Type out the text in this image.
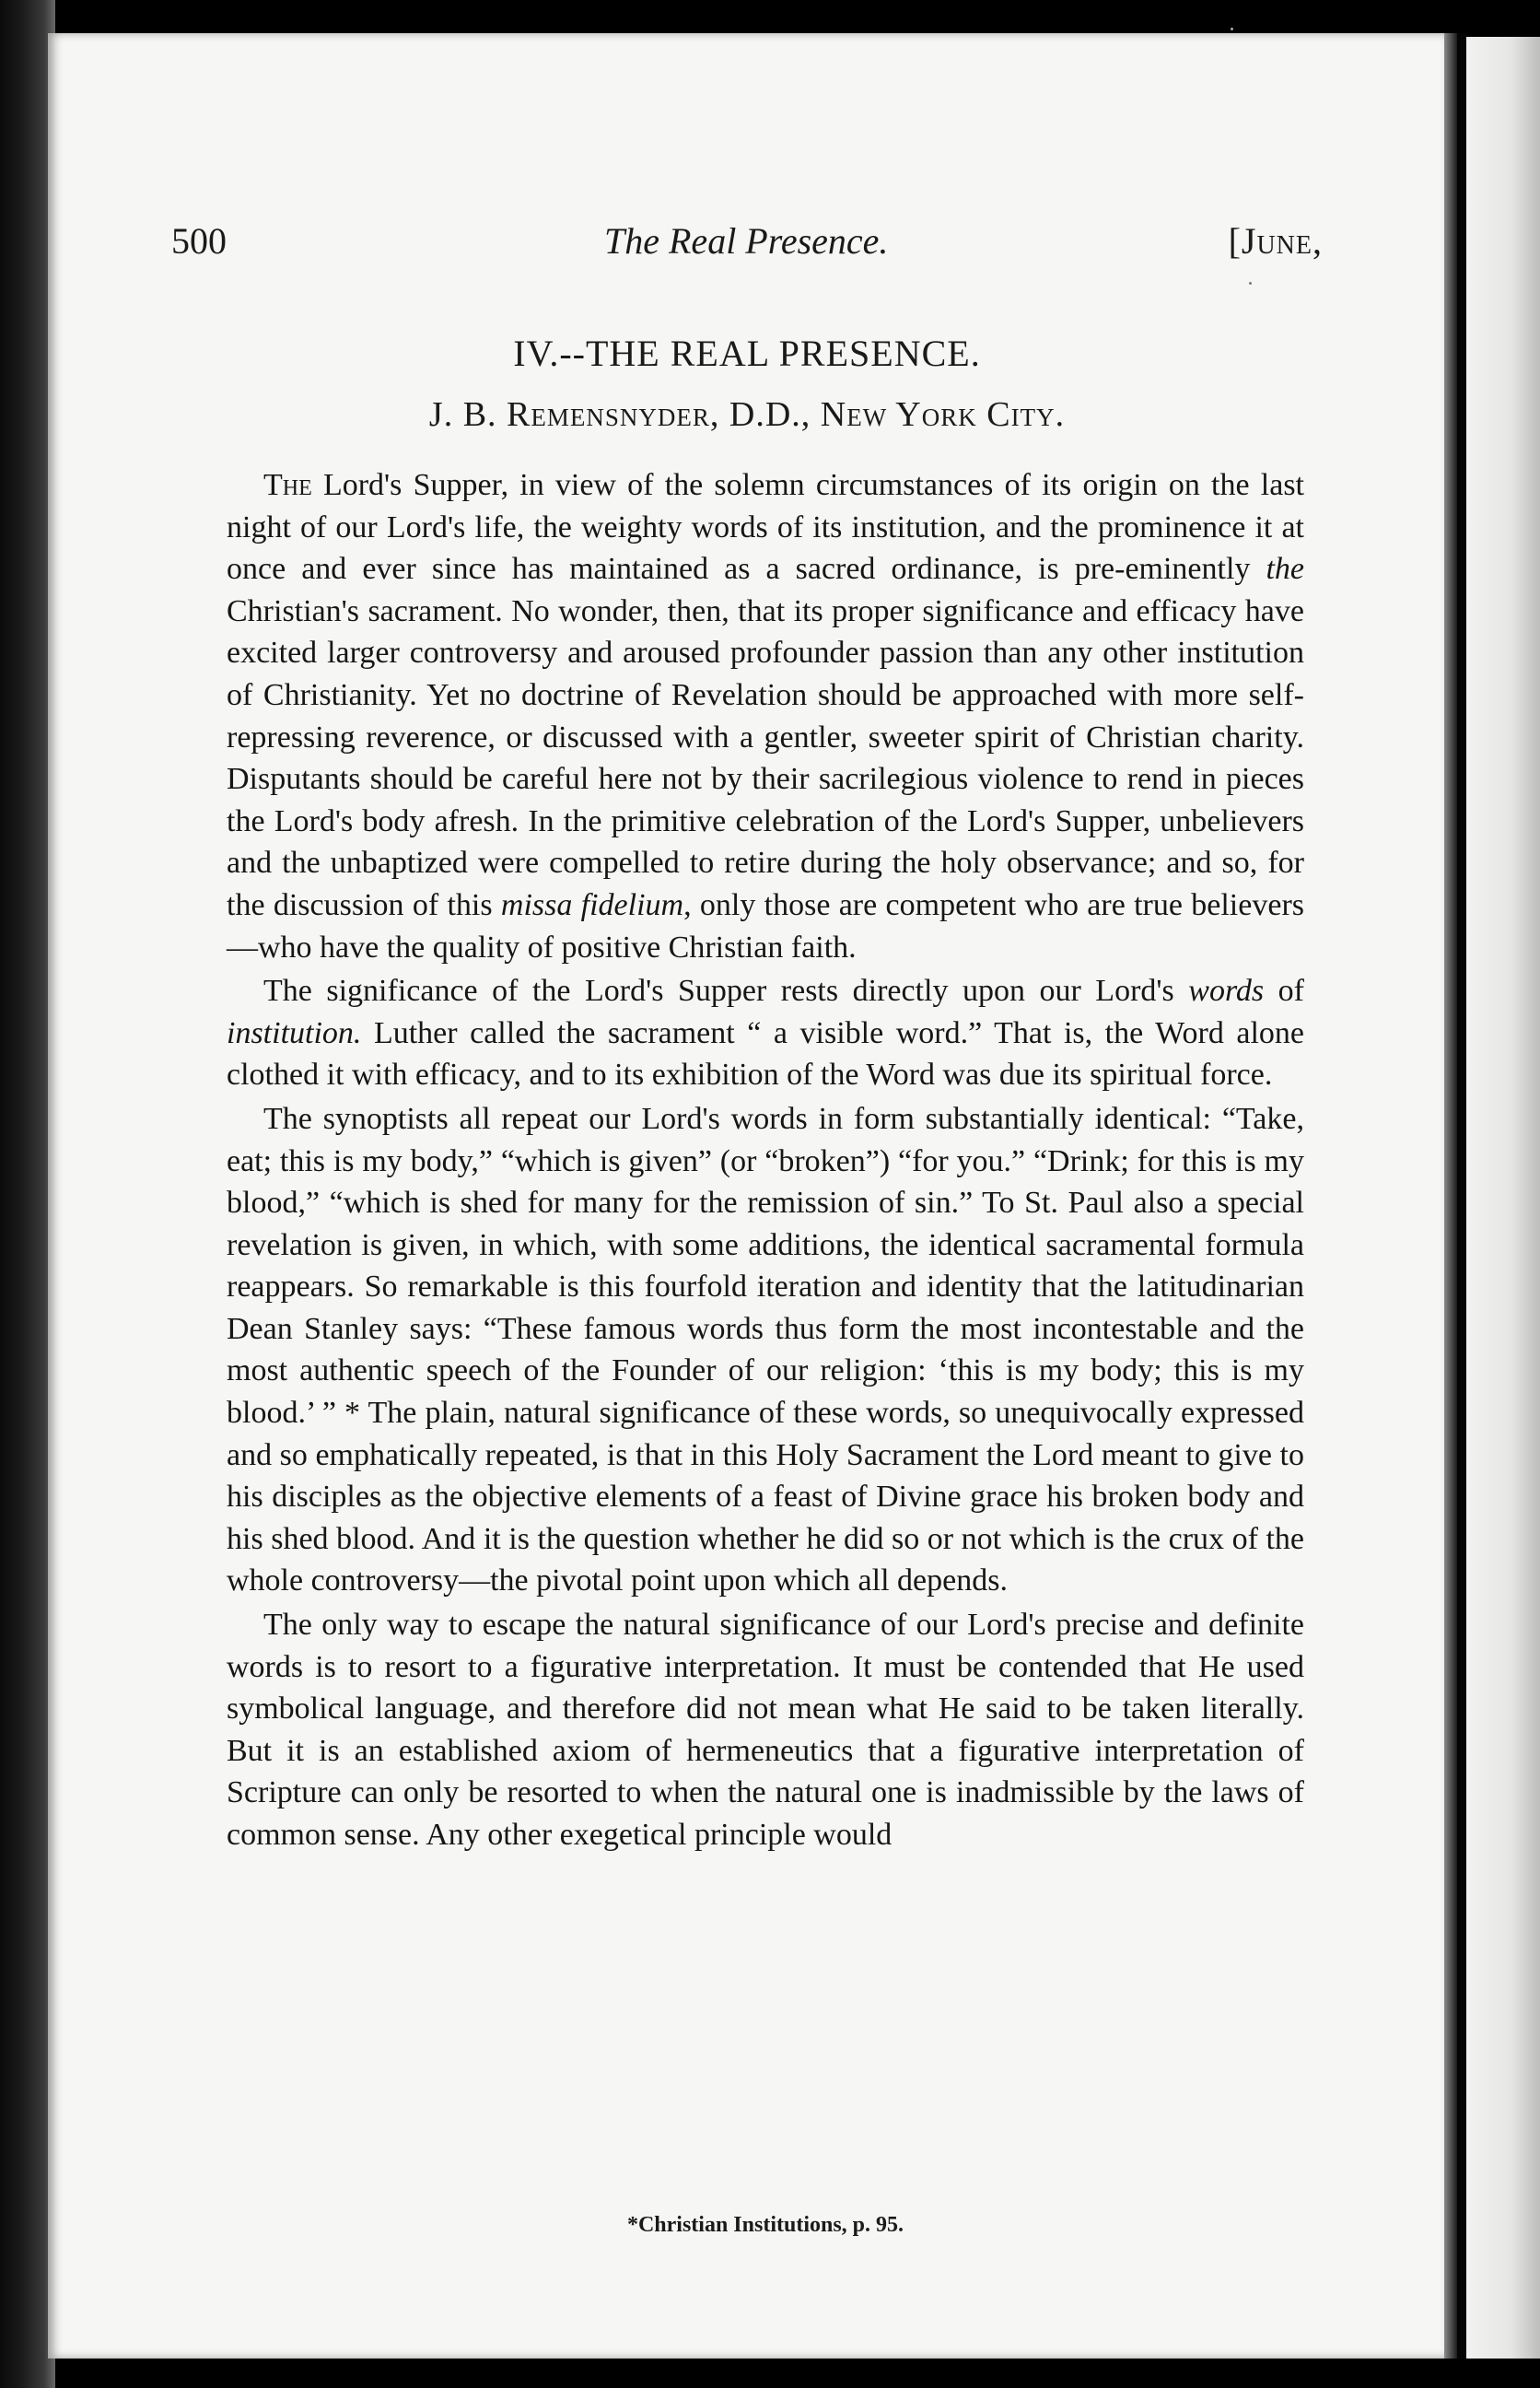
500	The Real Presence.	[June,
IV.--THE REAL PRESENCE.
J. B. Remensnyder, D.D., New York City.

The Lord's Supper, in view of the solemn circumstances of its origin on the last night of our Lord's life, the weighty words of its institution, and the prominence it at once and ever since has maintained as a sacred ordinance, is pre-eminently the Christian's sacrament. No wonder, then, that its proper significance and efficacy have excited larger controversy and aroused profounder passion than any other institution of Christianity. Yet no doctrine of Revelation should be approached with more self-repressing reverence, or discussed with a gentler, sweeter spirit of Christian charity. Disputants should be careful here not by their sacrilegious violence to rend in pieces the Lord's body afresh. In the primitive celebration of the Lord's Supper, unbelievers and the unbaptized were compelled to retire during the holy observance; and so, for the discussion of this missa fidelium, only those are competent who are true believers—who have the quality of positive Christian faith.

The significance of the Lord's Supper rests directly upon our Lord's words of institution. Luther called the sacrament “ a visible word.” That is, the Word alone clothed it with efficacy, and to its exhibition of the Word was due its spiritual force.

The synoptists all repeat our Lord's words in form substantially identical: “Take, eat; this is my body,” “which is given” (or “broken”) “for you.” “Drink; for this is my blood,” “which is shed for many for the remission of sin.” To St. Paul also a special revelation is given, in which, with some additions, the identical sacramental formula reappears. So remarkable is this fourfold iteration and identity that the latitudinarian Dean Stanley says: “These famous words thus form the most incontestable and the most authentic speech of the Founder of our religion: ‘this is my body; this is my blood.’ ” * The plain, natural significance of these words, so unequivocally expressed and so emphatically repeated, is that in this Holy Sacrament the Lord meant to give to his disciples as the objective elements of a feast of Divine grace his broken body and his shed blood. And it is the question whether he did so or not which is the crux of the whole controversy—the pivotal point upon which all depends.

The only way to escape the natural significance of our Lord's precise and definite words is to resort to a figurative interpretation. It must be contended that He used symbolical language, and therefore did not mean what He said to be taken literally. But it is an established axiom of hermeneutics that a figurative interpretation of Scripture can only be resorted to when the natural one is inadmissible by the laws of common sense. Any other exegetical principle would

*Christian Institutions, p. 95.
